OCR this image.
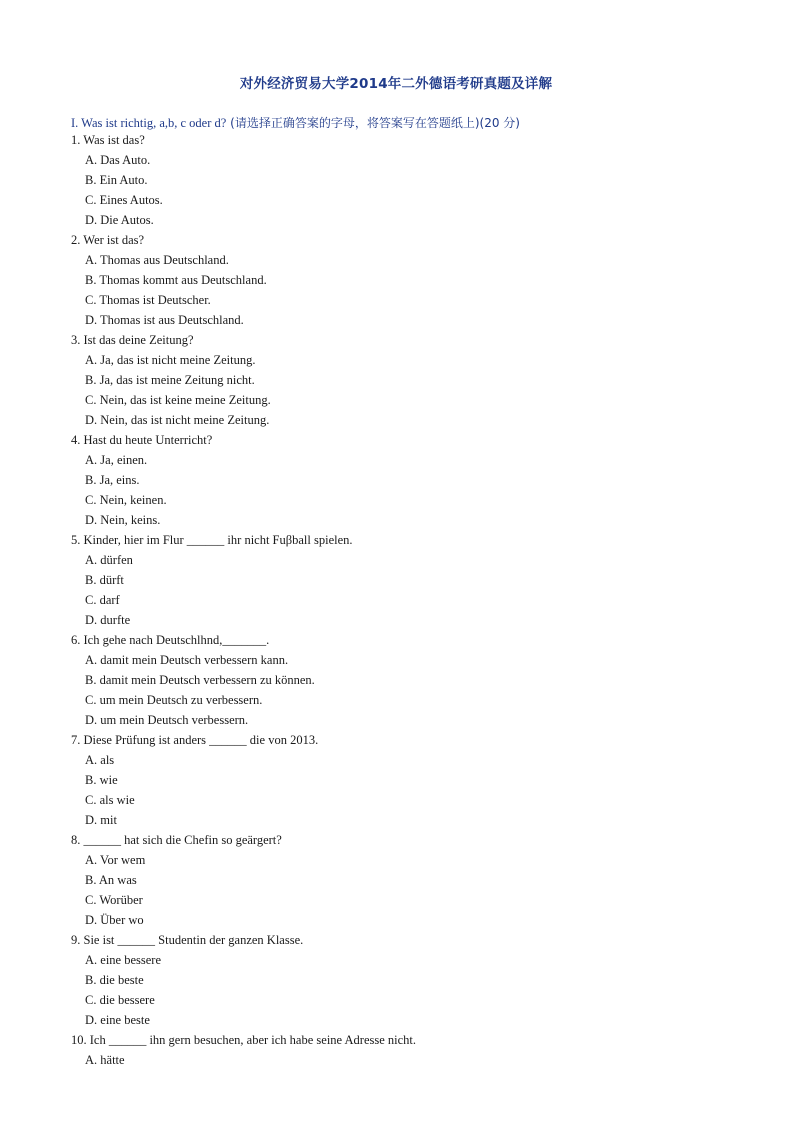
对外经济贸易大学2014年二外德语考研真题及详解
I. Was ist richtig, a,b, c oder d? (请选择正确答案的字母，将答案写在答题纸上)(20 分)
1. Was ist das?
A. Das Auto.
B. Ein Auto.
C. Eines Autos.
D. Die Autos.
2. Wer ist das?
A. Thomas aus Deutschland.
B. Thomas kommt aus Deutschland.
C. Thomas ist Deutscher.
D. Thomas ist aus Deutschland.
3. Ist das deine Zeitung?
A. Ja, das ist nicht meine Zeitung.
B. Ja, das ist meine Zeitung nicht.
C. Nein, das ist keine meine Zeitung.
D. Nein, das ist nicht meine Zeitung.
4. Hast du heute Unterricht?
A. Ja, einen.
B. Ja, eins.
C. Nein, keinen.
D. Nein, keins.
5. Kinder, hier im Flur ______ ihr nicht Fuβball spielen.
A. dürfen
B. dürft
C. darf
D. durfte
6. Ich gehe nach Deutschlhnd,_______.
A. damit mein Deutsch verbessern kann.
B. damit mein Deutsch verbessern zu können.
C. um mein Deutsch zu verbessern.
D. um mein Deutsch verbessern.
7. Diese Prüfung ist anders ______ die von 2013.
A. als
B. wie
C. als wie
D. mit
8. ______ hat sich die Chefin so geärgert?
A. Vor wem
B. An was
C. Worüber
D. Über wo
9. Sie ist ______ Studentin der ganzen Klasse.
A. eine bessere
B. die beste
C. die bessere
D. eine beste
10. Ich ______ ihn gern besuchen, aber ich habe seine Adresse nicht.
A. hätte
